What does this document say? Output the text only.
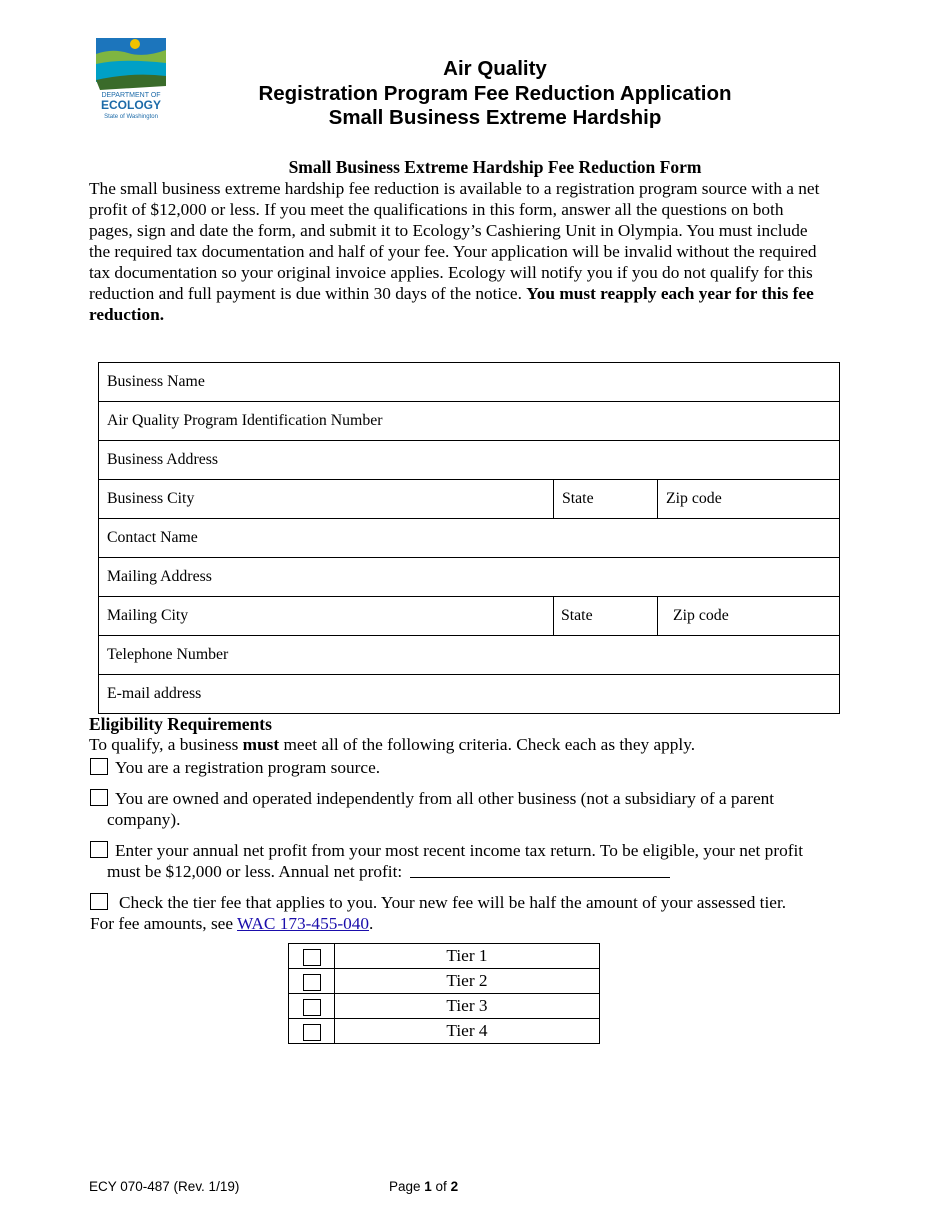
DEPARTMENT OF
ECOLOGY
State of Washington
Air Quality
Registration Program Fee Reduction Application
Small Business Extreme Hardship
Small Business Extreme Hardship Fee Reduction Form
The small business extreme hardship fee reduction is available to a registration program source with a net profit of $12,000 or less. If you meet the qualifications in this form, answer all the questions on both pages, sign and date the form, and submit it to Ecology’s Cashiering Unit in Olympia. You must include the required tax documentation and half of your fee. Your application will be invalid without the required tax documentation so your original invoice applies. Ecology will notify you if you do not qualify for this reduction and full payment is due within 30 days of the notice. You must reapply each year for this fee reduction.
Business Name		
Air Quality Program Identification Number		
Business Address		
Business City	State	Zip code
Contact Name		
Mailing Address		
Mailing City	State	Zip code
Telephone Number		
E-mail address		
Eligibility Requirements
To qualify, a business must meet all of the following criteria. Check each as they apply.
You are a registration program source.
You are owned and operated independently from all other business (not a subsidiary of a parent company).
Enter your annual net profit from your most recent income tax return. To be eligible, your net profit must be $12,000 or less. Annual net profit:
Check the tier fee that applies to you. Your new fee will be half the amount of your assessed tier. For fee amounts, see WAC 173-455-040.
	Tier 1
	Tier 2
	Tier 3
	Tier 4
ECY 070-487 (Rev. 1/19)	Page 1 of 2
